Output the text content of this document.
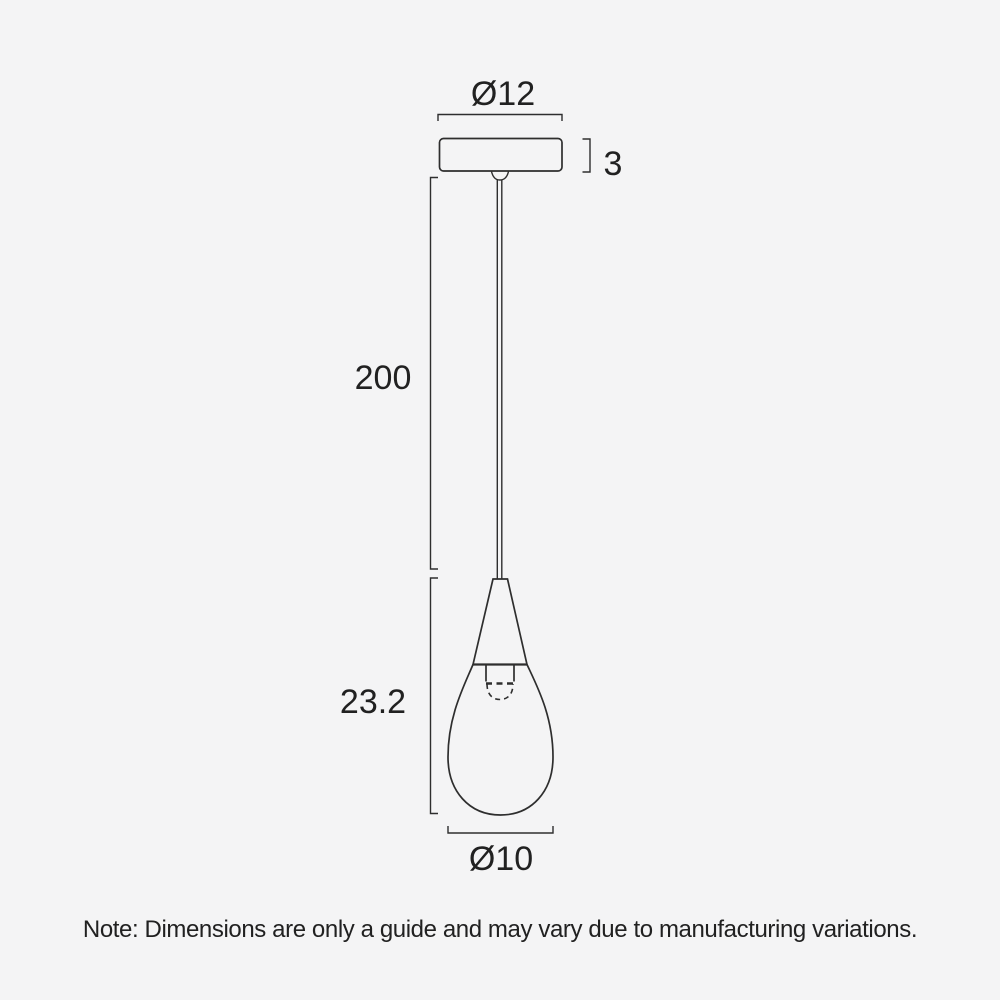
Ø12
3
200
23.2
Ø10
Note: Dimensions are only a guide and may vary due to manufacturing variations.
